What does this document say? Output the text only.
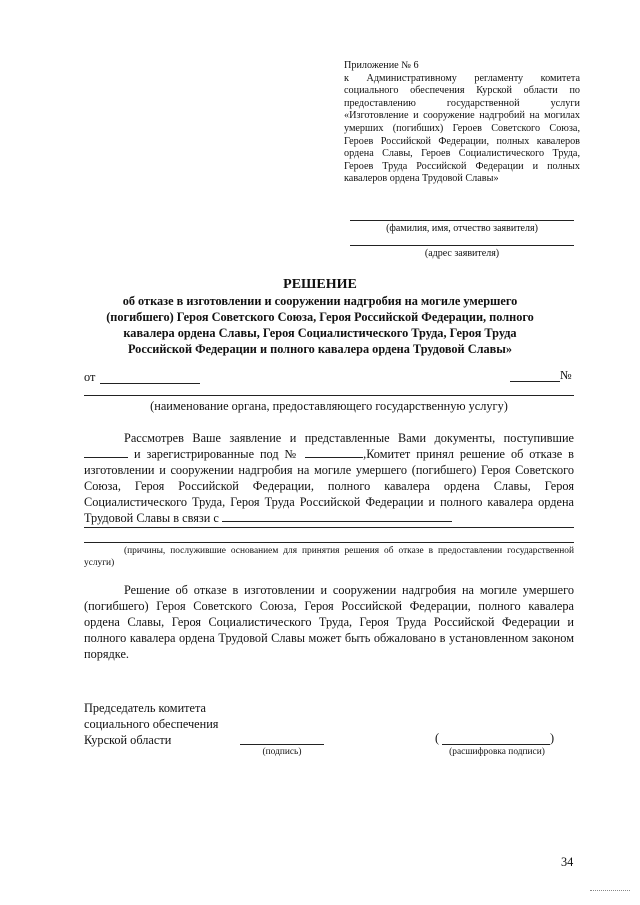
Приложение № 6
к Административному регламенту комитета социального обеспечения Курской области по предоставлению государственной услуги «Изготовление и сооружение надгробий на могилах умерших (погибших) Героев Советского Союза, Героев Российской Федерации, полных кавалеров ордена Славы, Героев Социалистического Труда, Героев Труда Российской Федерации и полных кавалеров ордена Трудовой Славы»
(фамилия, имя, отчество заявителя)
(адрес заявителя)
РЕШЕНИЕ
об отказе в изготовлении и сооружении надгробия на могиле умершего
(погибшего) Героя Советского Союза, Героя Российской Федерации, полного
кавалера ордена Славы, Героя Социалистического Труда, Героя Труда
Российской Федерации и полного кавалера ордена Трудовой Славы»
от	№
(наименование органа, предоставляющего государственную услугу)
Рассмотрев Ваше заявление и представленные Вами документы, поступившие  и зарегистрированные под №	,Комитет принял решение об отказе в изготовлении и сооружении надгробия на могиле умершего (погибшего) Героя Советского Союза, Героя Российской Федерации, полного кавалера ордена Славы, Героя Социалистического Труда, Героя Труда Российской Федерации и полного кавалера ордена Трудовой Славы в связи с
(причины, послужившие основанием для принятия решения об отказе в предоставлении государственной услуги)
Решение об отказе в изготовлении и сооружении надгробия на могиле умершего (погибшего) Героя Советского Союза, Героя Российской Федерации, полного кавалера ордена Славы, Героя Социалистического Труда, Героя Труда Российской Федерации и полного кавалера ордена Трудовой Славы может быть обжаловано в установленном законом порядке.
Председатель комитета
социального обеспечения
Курской области
(подпись)
(	)
(расшифровка подписи)
34
